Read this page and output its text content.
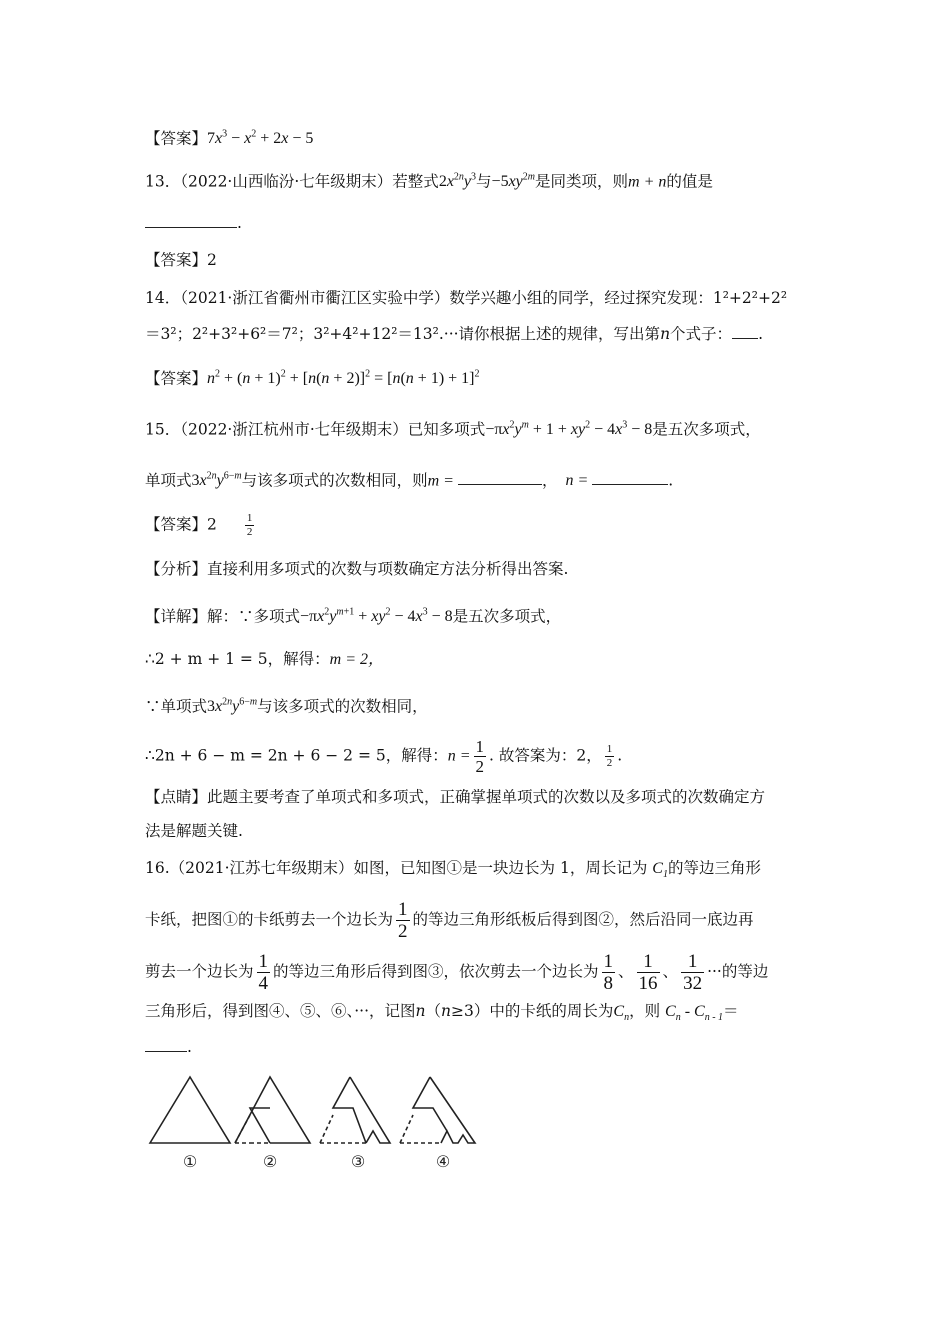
【答案】$7x^3 - x^2 + 2x - 5$
13．（2022·山西临汾·七年级期末）若整式$2x^{2n}y^3$与$-5xy^{2m}$是同类项，则m + n的值是
.
【答案】2
14．（2021·浙江省衢州市衢江区实验中学）数学兴趣小组的同学，经过探究发现：1²+2²+2²
＝3²；2²+3²+6²＝7²；3²+4²+12²＝13².···请你根据上述的规律，写出第n个式子： .
【答案】$n^2 + (n + 1)^2 + [n(n + 2)]^2 = [n(n + 1) + 1]^2$
15．（2022·浙江杭州市·七年级期末）已知多项式$-\pi x^2y^m + 1 + xy^2 - 4x^3 - 8$是五次多项式，
单项式$3x^{2n}y^{6-m}$与该多项式的次数相同，则m =	， n =	.
【答案】2	$\frac{1}{2}$
【分析】直接利用多项式的次数与项数确定方法分析得出答案.
【详解】解：∵多项式$-\pi x^2y^{m+1} + xy^2 - 4x^3 - 8$是五次多项式，
∴2 + m + 1 = 5，解得：m = 2，
∵单项式$3x^{2n}y^{6-m}$与该多项式的次数相同，
∴2n + 6 − m = 2n + 6 − 2 = 5，解得：$n = \frac{1}{2}$ . 故答案为：2， $\frac{1}{2}$ .
【点睛】此题主要考查了单项式和多项式，正确掌握单项式的次数以及多项式的次数确定方
法是解题关键.
16.（2021·江苏七年级期末）如图，已知图①是一块边长为 1，周长记为 $C_1$的等边三角形
卡纸，把图①的卡纸剪去一个边长为 $\frac{1}{2}$ 的等边三角形纸板后得到图②，然后沿同一底边再
剪去一个边长为 $\frac{1}{4}$ 的等边三角形后得到图③，依次剪去一个边长为 $\frac{1}{8}$ 、 $\frac{1}{16}$ 、 $\frac{1}{32}$ ···的等边
三角形后，得到图④、⑤、⑥、···，记图n（n≥3）中的卡纸的周长为$C_n$，则 $C_n - C_{n - 1}=$
.
①	②	③	④
